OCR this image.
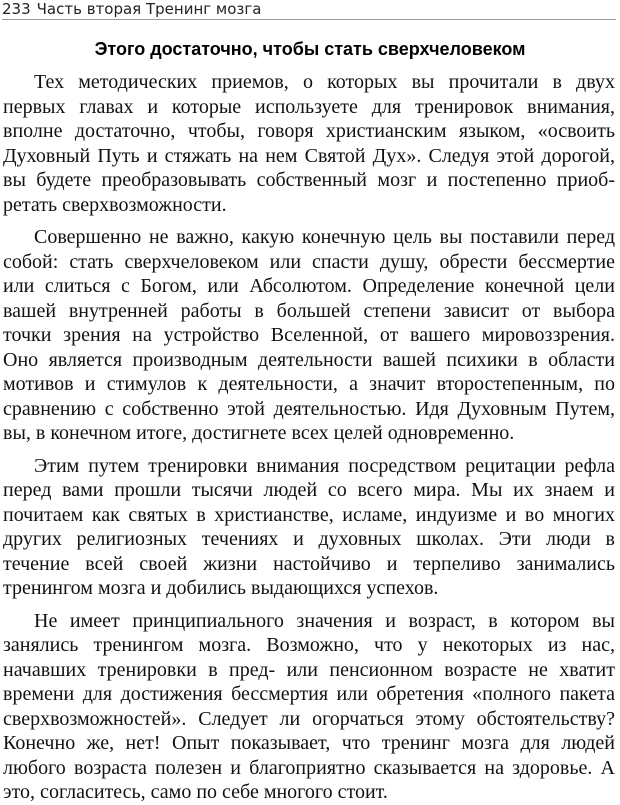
233 Часть вторая Тренинг мозга
Этого достаточно, чтобы стать сверхчеловеком
Тех методических приемов, о которых вы прочитали в двух
первых главах и которые используете для тренировок внимания,
вполне достаточно, чтобы, говоря христианским языком, «освоить
Духовный Путь и стяжать на нем Святой Дух». Следуя этой дорогой,
вы будете преобразовывать собственный мозг и постепенно приоб-
ретать сверхвозможности.
Совершенно не важно, какую конечную цель вы поставили перед
собой: стать сверхчеловеком или спасти душу, обрести бессмертие
или слиться с Богом, или Абсолютом. Определение конечной цели
вашей внутренней работы в большей степени зависит от выбора
точки зрения на устройство Вселенной, от вашего мировоззрения.
Оно является производным деятельности вашей психики в области
мотивов и стимулов к деятельности, а значит второстепенным, по
сравнению с собственно этой деятельностью. Идя Духовным Путем,
вы, в конечном итоге, достигнете всех целей одновременно.
Этим путем тренировки внимания посредством рецитации рефла
перед вами прошли тысячи людей со всего мира. Мы их знаем и
почитаем как святых в христианстве, исламе, индуизме и во многих
других религиозных течениях и духовных школах. Эти люди в
течение всей своей жизни настойчиво и терпеливо занимались
тренингом мозга и добились выдающихся успехов.
Не имеет принципиального значения и возраст, в котором вы
занялись тренингом мозга. Возможно, что у некоторых из нас,
начавших тренировки в пред- или пенсионном возрасте не хватит
времени для достижения бессмертия или обретения «полного пакета
сверхвозможностей». Следует ли огорчаться этому обстоятельству?
Конечно же, нет! Опыт показывает, что тренинг мозга для людей
любого возраста полезен и благоприятно сказывается на здоровье. А
это, согласитесь, само по себе многого стоит.
